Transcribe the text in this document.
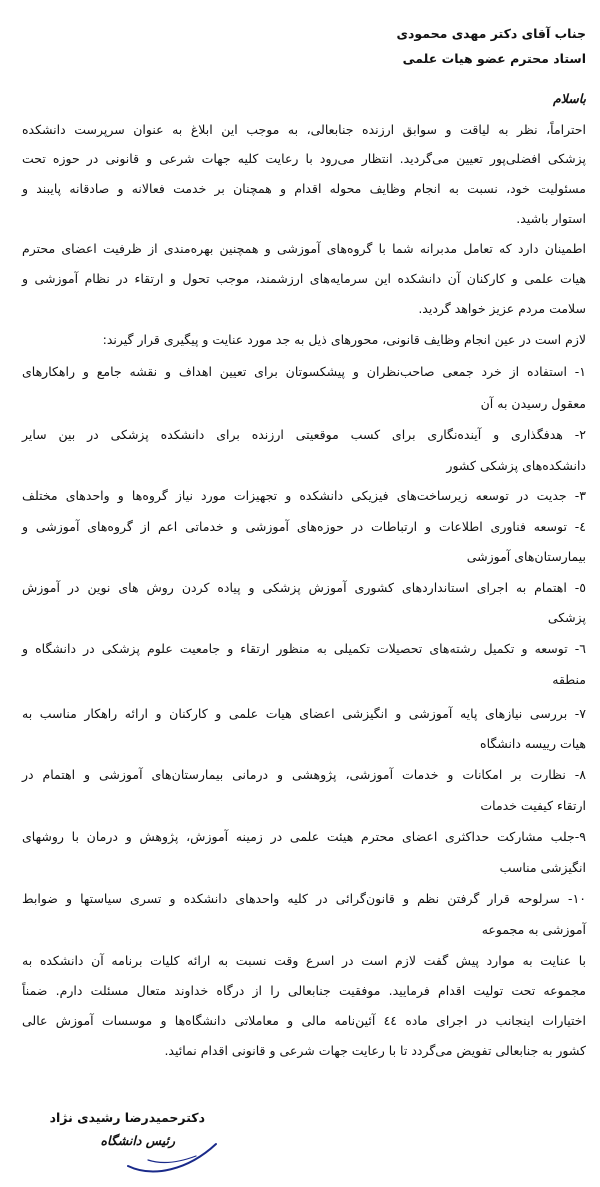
جناب آقای دکتر مهدی محمودی
استاد محترم عضو هیات علمی
باسلام
احتراماً، نظر به لیاقت و سوابق ارزنده جنابعالی، به موجب این ابلاغ به عنوان سرپرست دانشکده
پزشکی افضلی‌پور تعیین می‌گردید. انتظار می‌رود با رعایت کلیه جهات شرعی و قانونی در حوزه تحت
مسئولیت خود، نسبت به انجام وظایف محوله اقدام و همچنان بر خدمت فعالانه و صادقانه پایبند و
استوار باشید.
اطمینان دارد که تعامل مدبرانه شما با گروه‌های آموزشی و همچنین بهره‌مندی از ظرفیت اعضای محترم
هیات علمی و کارکنان آن دانشکده این سرمایه‌های ارزشمند، موجب تحول و ارتقاء در نظام آموزشی و
سلامت مردم عزیز خواهد گردید.
لازم است در عین انجام وظایف قانونی، محورهای ذیل به جد مورد عنایت و پیگیری قرار گیرند:
۱- استفاده از خرد جمعی صاحب‌نظران و پیشکسوتان برای تعیین اهداف و نقشه جامع و راهکارهای
معقول رسیدن به آن
۲- هدفگذاری و آینده‌نگاری برای کسب موقعیتی ارزنده برای دانشکده پزشکی در بین سایر
دانشکده‌های پزشکی کشور
۳- جدیت در توسعه زیرساخت‌های فیزیکی دانشکده و تجهیزات مورد نیاز گروه‌ها و واحدهای مختلف
٤- توسعه فناوری اطلاعات و ارتباطات در حوزه‌های آموزشی و خدماتی اعم از گروه‌های آموزشی و
بیمارستان‌های آموزشی
٥- اهتمام به اجرای استانداردهای کشوری آموزش پزشکی و پیاده کردن روش های نوین در آموزش
پزشکی
٦- توسعه و تکمیل رشته‌های تحصیلات تکمیلی به منظور ارتقاء و جامعیت علوم پزشکی در دانشگاه و
منطقه
۷- بررسی نیازهای پایه آموزشی و انگیزشی اعضای هیات علمی و کارکنان و ارائه راهکار مناسب به
هیات رییسه دانشگاه
۸- نظارت بر امکانات و خدمات آموزشی، پژوهشی و درمانی بیمارستان‌های آموزشی و اهتمام در
ارتقاء کیفیت خدمات
۹-جلب مشارکت حداکثری اعضای محترم هیئت علمی در زمینه آموزش، پژوهش و درمان با روشهای
انگیزشی مناسب
۱۰- سرلوحه قرار گرفتن نظم و قانون‌گرائی در کلیه واحدهای دانشکده و تسری سیاستها و ضوابط
آموزشی به مجموعه
با عنایت به موارد پیش گفت لازم است در اسرع وقت نسبت به ارائه کلیات برنامه آن دانشکده به
مجموعه تحت تولیت اقدام فرمایید. موفقیت جنابعالی را از درگاه خداوند متعال مسئلت دارم. ضمناً
اختیارات اینجانب در اجرای ماده ٤٤ آئین‌نامه مالی و معاملاتی دانشگاه‌ها و موسسات آموزش عالی
کشور به جنابعالی تفویض می‌گردد تا با رعایت جهات شرعی و قانونی اقدام نمائید.
دکترحمیدرضا رشیدی نژاد
رئیس دانشگاه
